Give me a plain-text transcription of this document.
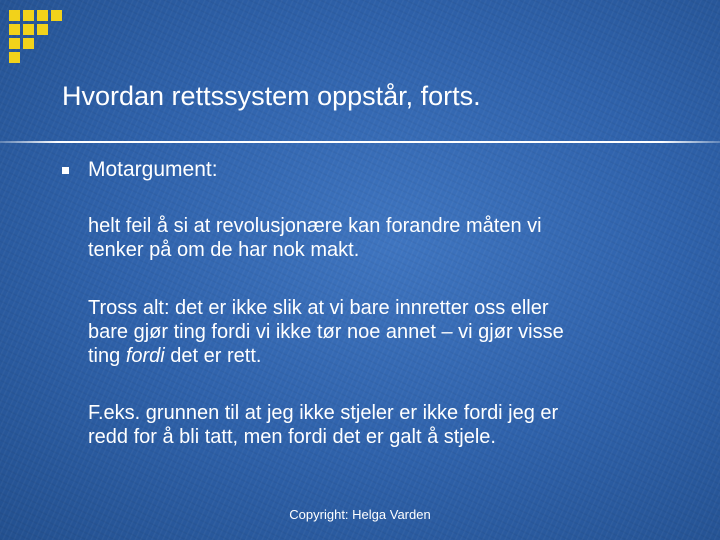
Hvordan rettssystem oppstår, forts.
Motargument:
helt feil å si at revolusjonære kan forandre måten vi
tenker på om de har nok makt.
Tross alt: det er ikke slik at vi bare innretter oss eller
bare gjør ting fordi vi ikke tør noe annet – vi gjør visse
ting fordi det er rett.
F.eks. grunnen til at jeg ikke stjeler er ikke fordi jeg er
redd for å bli tatt, men fordi det er galt å stjele.
Copyright: Helga Varden
